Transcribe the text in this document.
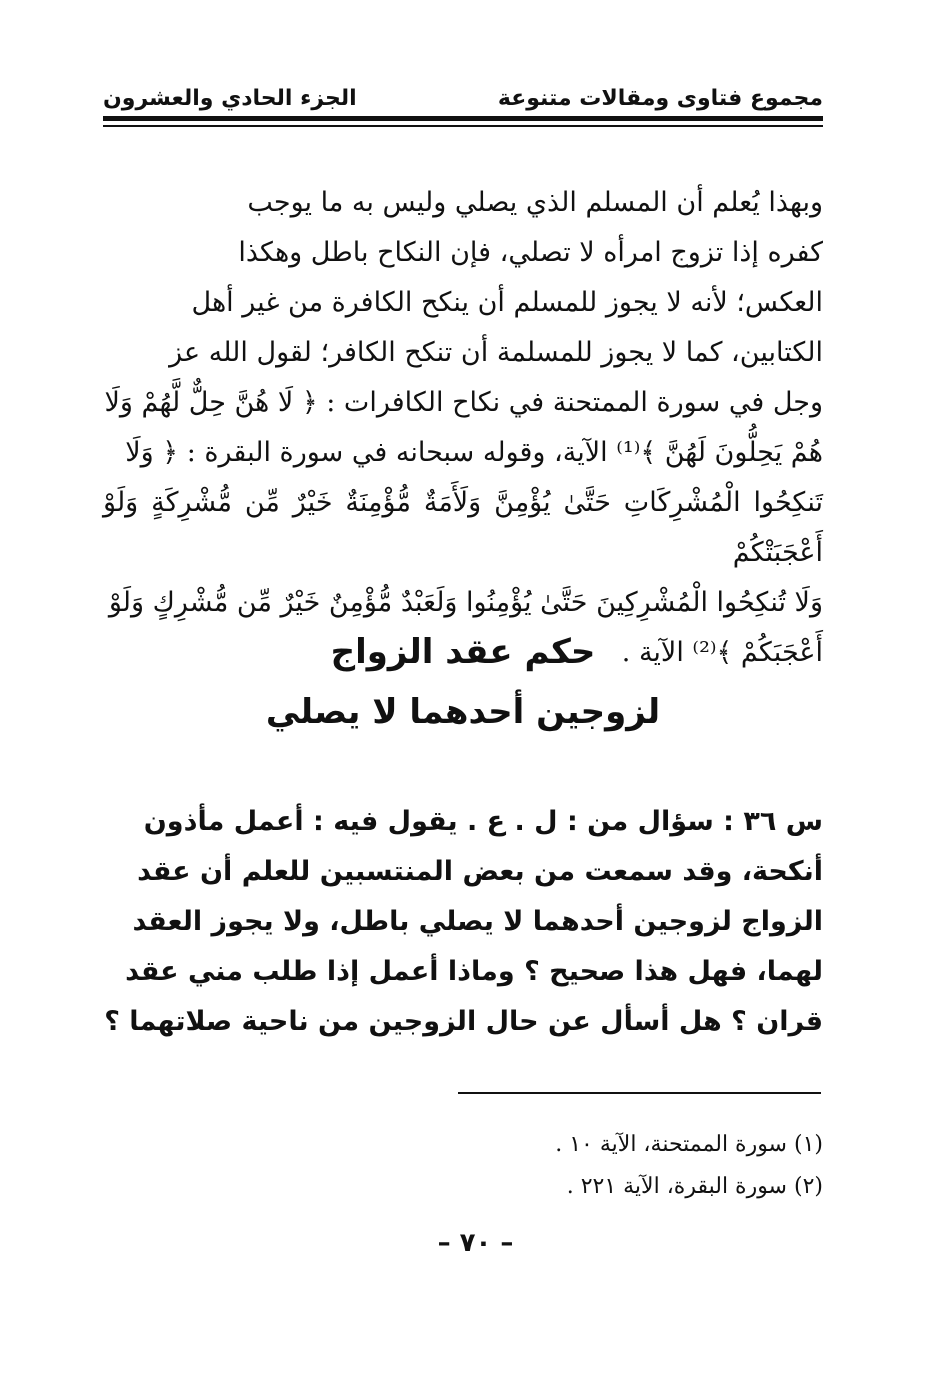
مجموع فتاوى ومقالات متنوعة
الجزء الحادي والعشرون
وبهذا يُعلم أن المسلم الذي يصلي وليس به ما يوجب
كفره إذا تزوج امرأه لا تصلي، فإن النكاح باطل وهكذا
العكس؛ لأنه لا يجوز للمسلم أن ينكح الكافرة من غير أهل
الكتابين، كما لا يجوز للمسلمة أن تنكح الكافر؛ لقول الله عز
وجل في سورة الممتحنة في نكاح الكافرات : ﴿ لَا هُنَّ حِلٌّ لَّهُمْ وَلَا
هُمْ يَحِلُّونَ لَهُنَّ ﴾⁽¹⁾ الآية، وقوله سبحانه في سورة البقرة : ﴿ وَلَا
تَنكِحُوا الْمُشْرِكَاتِ حَتَّىٰ يُؤْمِنَّ وَلَأَمَةٌ مُّؤْمِنَةٌ خَيْرٌ مِّن مُّشْرِكَةٍ وَلَوْ أَعْجَبَتْكُمْ
وَلَا تُنكِحُوا الْمُشْرِكِينَ حَتَّىٰ يُؤْمِنُوا وَلَعَبْدٌ مُّؤْمِنٌ خَيْرٌ مِّن مُّشْرِكٍ وَلَوْ
أَعْجَبَكُمْ ﴾⁽²⁾ الآية .
حكم عقد الزواج
لزوجين أحدهما لا يصلي
س ٣٦ : سؤال من : ل . ع . يقول فيه : أعمل مأذون
أنكحة، وقد سمعت من بعض المنتسبين للعلم أن عقد
الزواج لزوجين أحدهما لا يصلي باطل، ولا يجوز العقد
لهما، فهل هذا صحيح ؟ وماذا أعمل إذا طلب مني عقد
قران ؟ هل أسأل عن حال الزوجين من ناحية صلاتهما ؟
(١) سورة الممتحنة، الآية ١٠ .
(٢) سورة البقرة، الآية ٢٢١ .
– ٧٠ –
